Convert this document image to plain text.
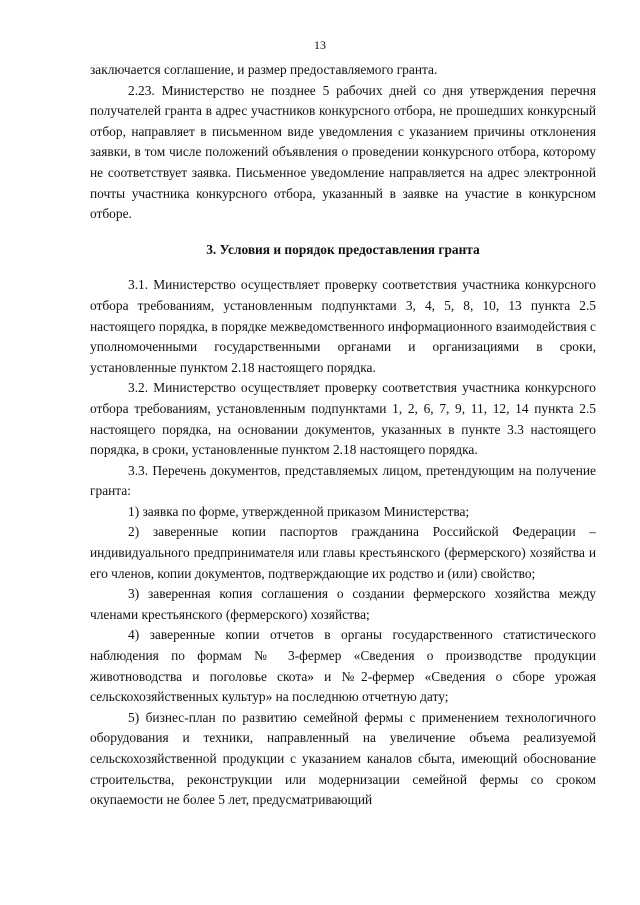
13

заключается соглашение, и размер предоставляемого гранта.

2.23. Министерство не позднее 5 рабочих дней со дня утверждения перечня получателей гранта в адрес участников конкурсного отбора, не прошедших конкурсный отбор, направляет в письменном виде уведомления с указанием причины отклонения заявки, в том числе положений объявления о проведении конкурсного отбора, которому не соответствует заявка. Письменное уведомление направляется на адрес электронной почты участника конкурсного отбора, указанный в заявке на участие в конкурсном отборе.

3. Условия и порядок предоставления гранта

3.1. Министерство осуществляет проверку соответствия участника конкурсного отбора требованиям, установленным подпунктами 3, 4, 5, 8, 10, 13 пункта 2.5 настоящего порядка, в порядке межведомственного информационного взаимодействия с уполномоченными государственными органами и организациями в сроки, установленные пунктом 2.18 настоящего порядка.

3.2. Министерство осуществляет проверку соответствия участника конкурсного отбора требованиям, установленным подпунктами 1, 2, 6, 7, 9, 11, 12, 14 пункта 2.5 настоящего порядка, на основании документов, указанных в пункте 3.3 настоящего порядка, в сроки, установленные пунктом 2.18 настоящего порядка.

3.3. Перечень документов, представляемых лицом, претендующим на получение гранта:

1) заявка по форме, утвержденной приказом Министерства;

2) заверенные копии паспортов гражданина Российской Федерации – индивидуального предпринимателя или главы крестьянского (фермерского) хозяйства и его членов, копии документов, подтверждающие их родство и (или) свойство;

3) заверенная копия соглашения о создании фермерского хозяйства между членами крестьянского (фермерского) хозяйства;

4) заверенные копии отчетов в органы государственного статистического наблюдения по формам № 3-фермер «Сведения о производстве продукции животноводства и поголовье скота» и №2-фермер «Сведения о сборе урожая сельскохозяйственных культур» на последнюю отчетную дату;

5) бизнес-план по развитию семейной фермы с применением технологичного оборудования и техники, направленный на увеличение объема реализуемой сельскохозяйственной продукции с указанием каналов сбыта, имеющий обоснование строительства, реконструкции или модернизации семейной фермы со сроком окупаемости не более 5 лет, предусматривающий
